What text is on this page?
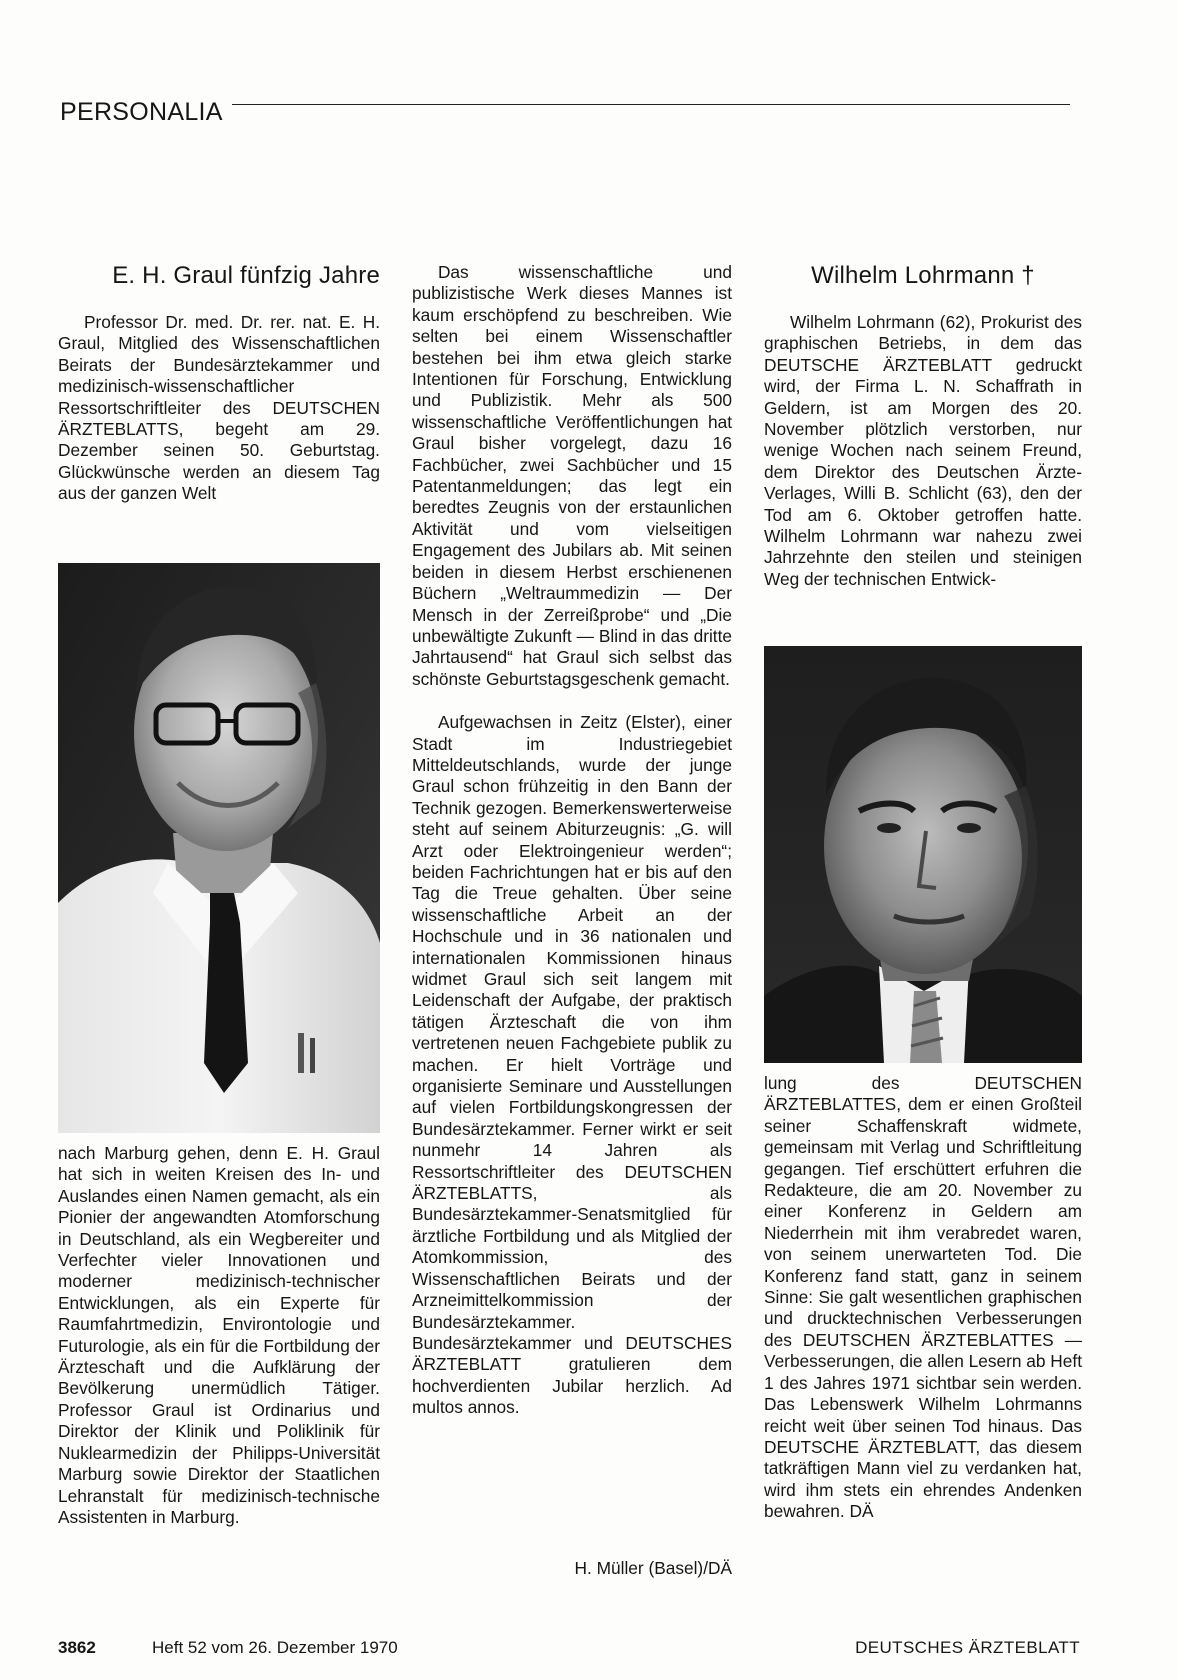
PERSONALIA
E. H. Graul fünfzig Jahre

Professor Dr. med. Dr. rer. nat. E. H. Graul, Mitglied des Wissenschaftlichen Beirats der Bundesärztekammer und medizinisch-wissenschaftlicher Ressortschriftleiter des DEUTSCHEN ÄRZTEBLATTS, begeht am 29. Dezember seinen 50. Geburtstag. Glückwünsche werden an diesem Tag aus der ganzen Welt

nach Marburg gehen, denn E. H. Graul hat sich in weiten Kreisen des In- und Auslandes einen Namen gemacht, als ein Pionier der angewandten Atomforschung in Deutschland, als ein Wegbereiter und Verfechter vieler Innovationen und moderner medizinisch-technischer Entwicklungen, als ein Experte für Raumfahrtmedizin, Environtologie und Futurologie, als ein für die Fortbildung der Ärzteschaft und die Aufklärung der Bevölkerung unermüdlich Tätiger. Professor Graul ist Ordinarius und Direktor der Klinik und Poliklinik für Nuklearmedizin der Philipps-Universität Marburg sowie Direktor der Staatlichen Lehranstalt für medizinisch-technische Assistenten in Marburg.

Das wissenschaftliche und publizistische Werk dieses Mannes ist kaum erschöpfend zu beschreiben. Wie selten bei einem Wissenschaftler bestehen bei ihm etwa gleich starke Intentionen für Forschung, Entwicklung und Publizistik. Mehr als 500 wissenschaftliche Veröffentlichungen hat Graul bisher vorgelegt, dazu 16 Fachbücher, zwei Sachbücher und 15 Patentanmeldungen; das legt ein beredtes Zeugnis von der erstaunlichen Aktivität und vom vielseitigen Engagement des Jubilars ab. Mit seinen beiden in diesem Herbst erschienenen Büchern „Weltraummedizin — Der Mensch in der Zerreißprobe“ und „Die unbewältigte Zukunft — Blind in das dritte Jahrtausend“ hat Graul sich selbst das schönste Geburtstagsgeschenk gemacht.

Aufgewachsen in Zeitz (Elster), einer Stadt im Industriegebiet Mitteldeutschlands, wurde der junge Graul schon frühzeitig in den Bann der Technik gezogen. Bemerkenswerterweise steht auf seinem Abiturzeugnis: „G. will Arzt oder Elektroingenieur werden“; beiden Fachrichtungen hat er bis auf den Tag die Treue gehalten. Über seine wissenschaftliche Arbeit an der Hochschule und in 36 nationalen und internationalen Kommissionen hinaus widmet Graul sich seit langem mit Leidenschaft der Aufgabe, der praktisch tätigen Ärzteschaft die von ihm vertretenen neuen Fachgebiete publik zu machen. Er hielt Vorträge und organisierte Seminare und Ausstellungen auf vielen Fortbildungskongressen der Bundesärztekammer. Ferner wirkt er seit nunmehr 14 Jahren als Ressortschriftleiter des DEUTSCHEN ÄRZTEBLATTS, als Bundesärztekammer-Senatsmitglied für ärztliche Fortbildung und als Mitglied der Atomkommission, des Wissenschaftlichen Beirats und der Arzneimittelkommission der Bundesärztekammer. Bundesärztekammer und DEUTSCHES ÄRZTEBLATT gratulieren dem hochverdienten Jubilar herzlich. Ad multos annos.

H. Müller (Basel)/DÄ
Wilhelm Lohrmann †

Wilhelm Lohrmann (62), Prokurist des graphischen Betriebs, in dem das DEUTSCHE ÄRZTEBLATT gedruckt wird, der Firma L. N. Schaffrath in Geldern, ist am Morgen des 20. November plötzlich verstorben, nur wenige Wochen nach seinem Freund, dem Direktor des Deutschen Ärzte-Verlages, Willi B. Schlicht (63), den der Tod am 6. Oktober getroffen hatte. Wilhelm Lohrmann war nahezu zwei Jahrzehnte den steilen und steinigen Weg der technischen Entwick-

lung des DEUTSCHEN ÄRZTEBLATTES, dem er einen Großteil seiner Schaffenskraft widmete, gemeinsam mit Verlag und Schriftleitung gegangen. Tief erschüttert erfuhren die Redakteure, die am 20. November zu einer Konferenz in Geldern am Niederrhein mit ihm verabredet waren, von seinem unerwarteten Tod. Die Konferenz fand statt, ganz in seinem Sinne: Sie galt wesentlichen graphischen und drucktechnischen Verbesserungen des DEUTSCHEN ÄRZTEBLATTES — Verbesserungen, die allen Lesern ab Heft 1 des Jahres 1971 sichtbar sein werden. Das Lebenswerk Wilhelm Lohrmanns reicht weit über seinen Tod hinaus. Das DEUTSCHE ÄRZTEBLATT, das diesem tatkräftigen Mann viel zu verdanken hat, wird ihm stets ein ehrendes Andenken bewahren. DÄ

3862	Heft 52 vom 26. Dezember 1970	DEUTSCHES ÄRZTEBLATT
